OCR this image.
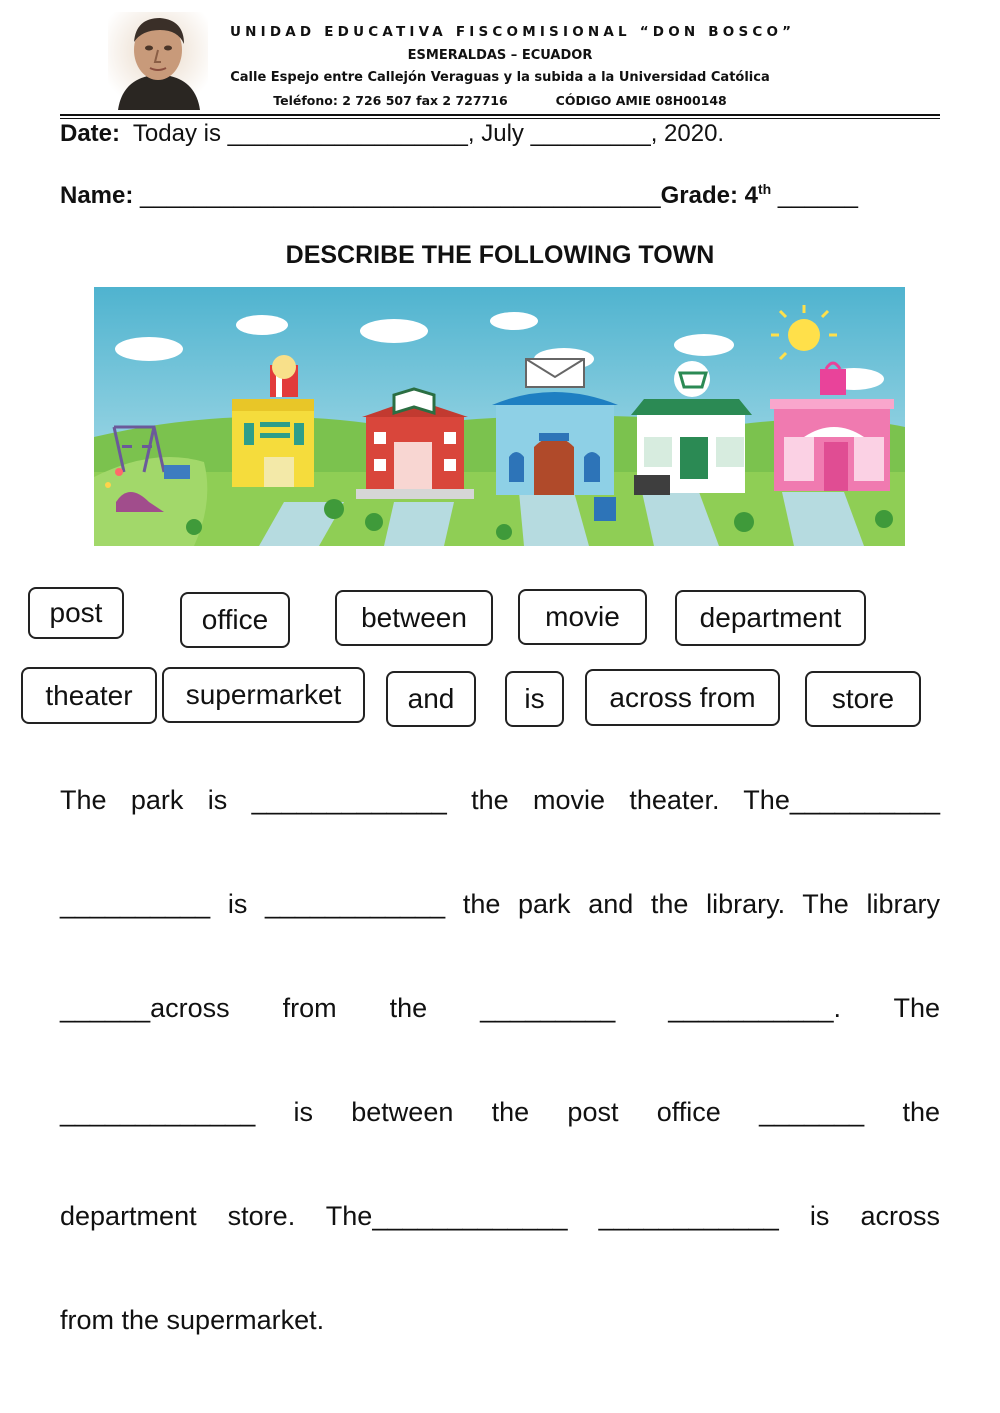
UNIDAD EDUCATIVA FISCOMISIONAL “DON BOSCO”
ESMERALDAS – ECUADOR
Calle Espejo entre Callejón Veraguas y la subida a la Universidad Católica
Teléfono: 2 726 507 fax 2 727716	CÓDIGO AMIE 08H00148
Date: Today is __________________, July _________, 2020.
Name: _______________________________________Grade: 4th ______
DESCRIBE THE FOLLOWING TOWN
post	office	between	movie	department
theater	supermarket	and	is	across from	store
The park is _____________ the movie theater. The__________
__________ is ____________ the park and the library. The library
______across from the _________ ___________. The
_____________ is between the post office _______ the
department store. The_____________ ____________ is across
from the supermarket.
